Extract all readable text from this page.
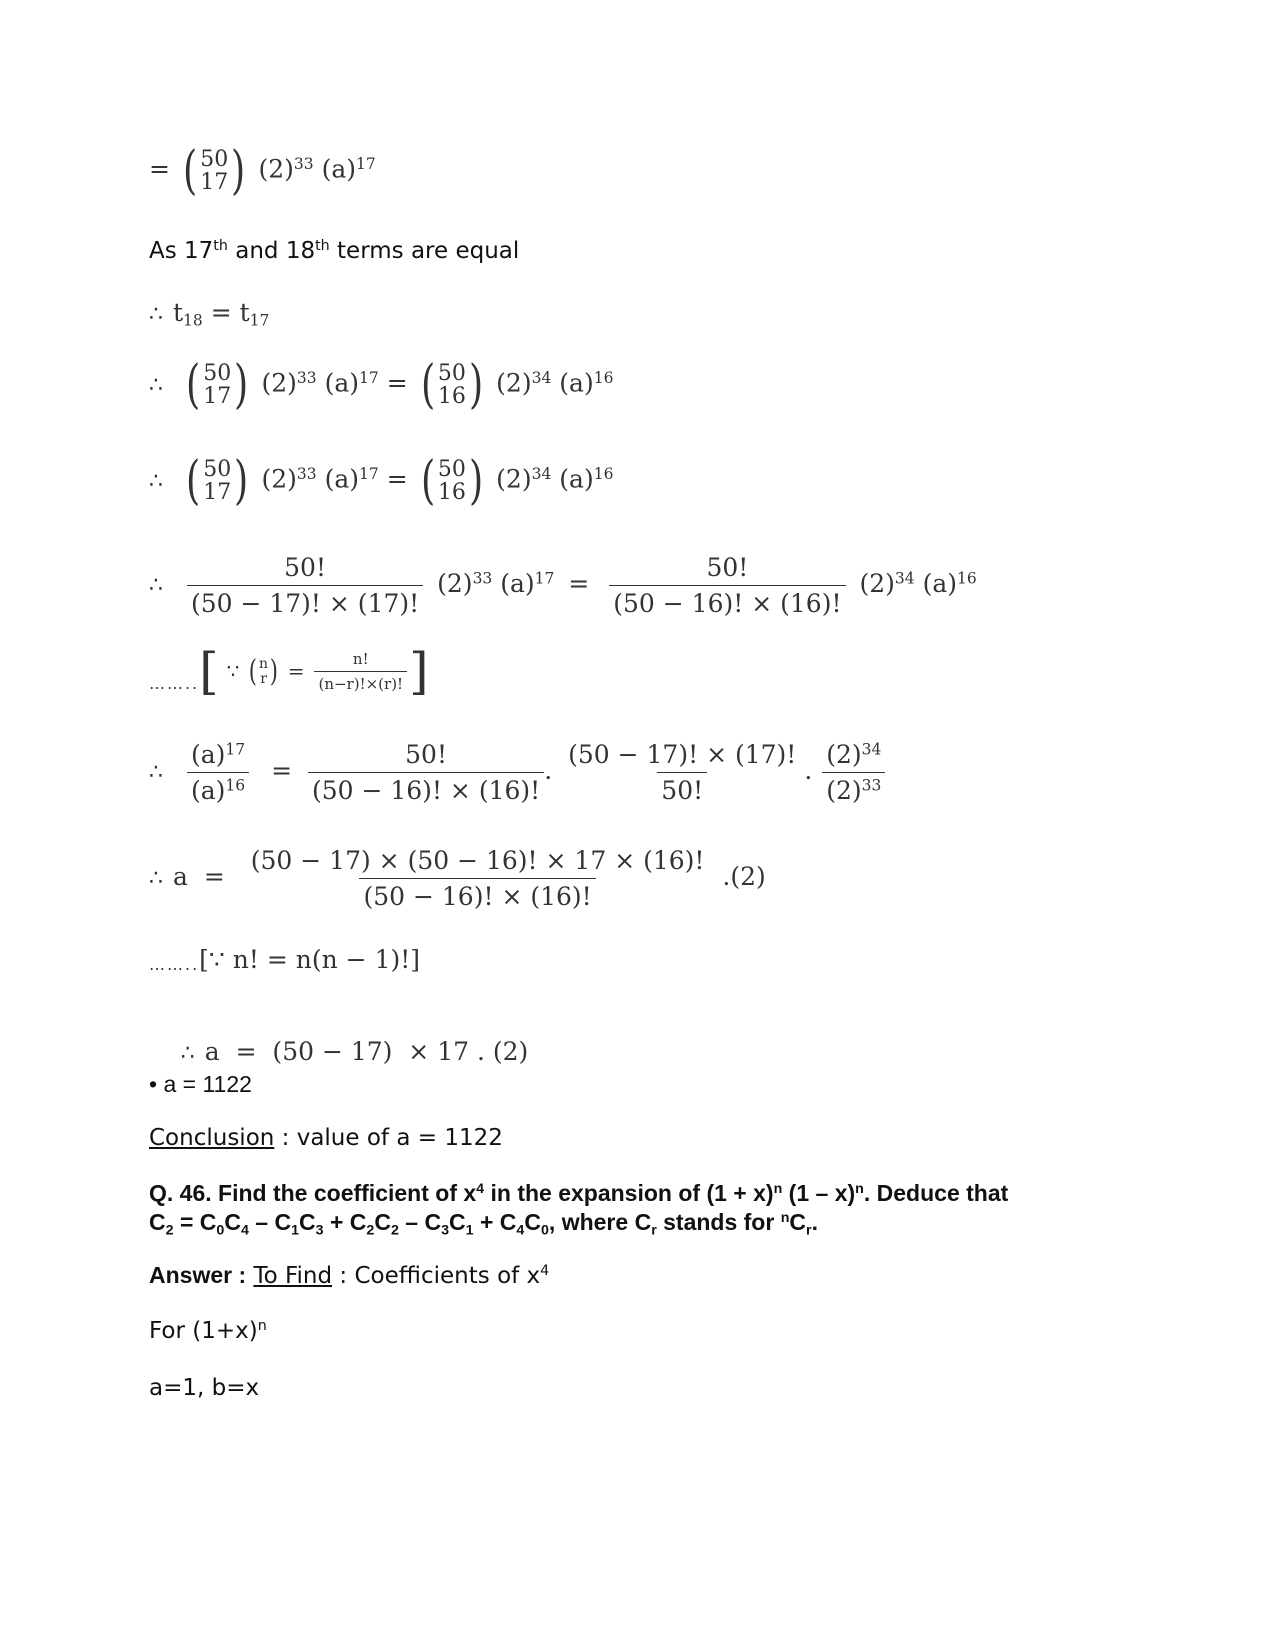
= ( 50
17 ) $(2)^{33}$ $(a)^{17}$
As 17th and 18th terms are equal
∴ $t_{18} = t_{17}$
∴ ( 50
17 ) $(2)^{33}$ $(a)^{17}$ = ( 50
16 ) $(2)^{34}$ $(a)^{16}$
∴ ( 50
17 ) $(2)^{33}$ $(a)^{17}$ = ( 50
16 ) $(2)^{34}$ $(a)^{16}$
∴ $\frac{50!}{(50 - 17)! \times (17)!} (2)^{33}$ $(a)^{17} = \frac{50!}{(50 - 16)! \times (16)!} (2)^{34}$ $(a)^{16}$
……..[ ∵ ( n
r ) = $\frac{n!}{(n-r)!\times(r)!}$ ]
∴ $\frac{(a)^{17}}{(a)^{16}} = \frac{50!}{(50 - 16)! \times (16)!}$ . $\frac{(50 - 17)! \times (17)!}{50!}$ . $\frac{(2)^{34}}{(2)^{33}}$
∴ $a = \frac{(50 - 17) \times (50 - 16)! \times 17 \times (16)!}{(50 - 16)! \times (16)!} .(2)$
……..[∵ n! = n(n − 1)!]

∴ a  =  (50 − 17)  × 17 . (2)

• a = 1122
Conclusion : value of a = 1122
Q. 46. Find the coefficient of $x^4$ in the expansion of $(1 + x)^n$ (1 – x)$^n$. Deduce that
$C_2 = C_0C_4 - C_1C_3 + C_2C_2 - C_3C_1 + C_4C_0$, where $C_r$ stands for $^nC_r$.
Answer : To Find : Coefficients of $x^4$
For $(1+x)^n$
a=1, b=x
